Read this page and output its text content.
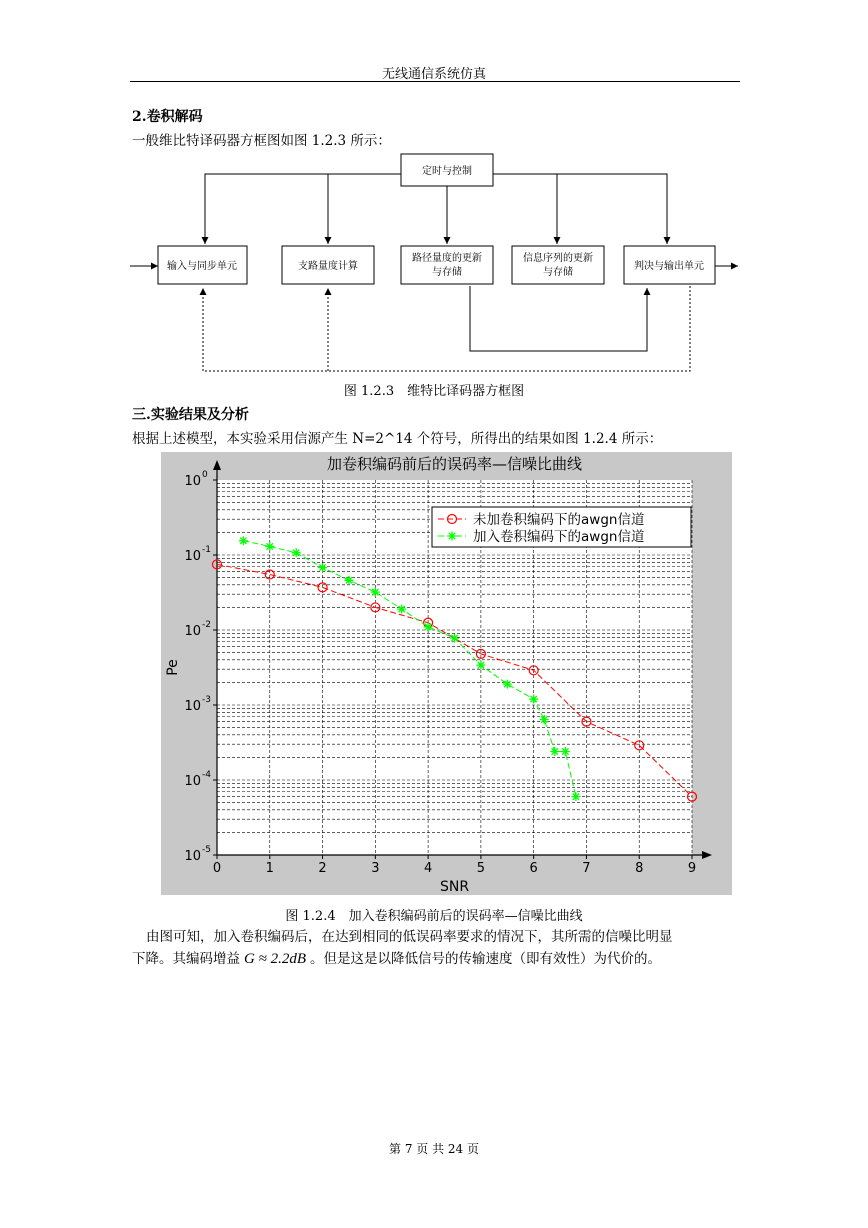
无线通信系统仿真
2.卷积解码
一般维比特译码器方框图如图 1.2.3 所示：
定时与控制
输入与同步单元	支路量度计算
路径量度的更新
与存储
信息序列的更新
与存储
判决与输出单元
图 1.2.3　维特比译码器方框图
三.实验结果及分析
根据上述模型，本实验采用信源产生 N=2^14 个符号，所得出的结果如图 1.2.4 所示：
0	1	2	3	4	5	6	7	8	9
10 0
10 -1
10 -2
10 -3
10 -4
10 -5
加卷积编码前后的误码率—信噪比曲线
SNR
Pe
未加卷积编码下的awgn信道
加入卷积编码下的awgn信道
图 1.2.4　加入卷积编码前后的误码率—信噪比曲线
由图可知，加入卷积编码后，在达到相同的低误码率要求的情况下，其所需的信噪比明显
下降。其编码增益 G ≈ 2.2dB 。但是这是以降低信号的传输速度（即有效性）为代价的。
第 7 页 共 24 页
